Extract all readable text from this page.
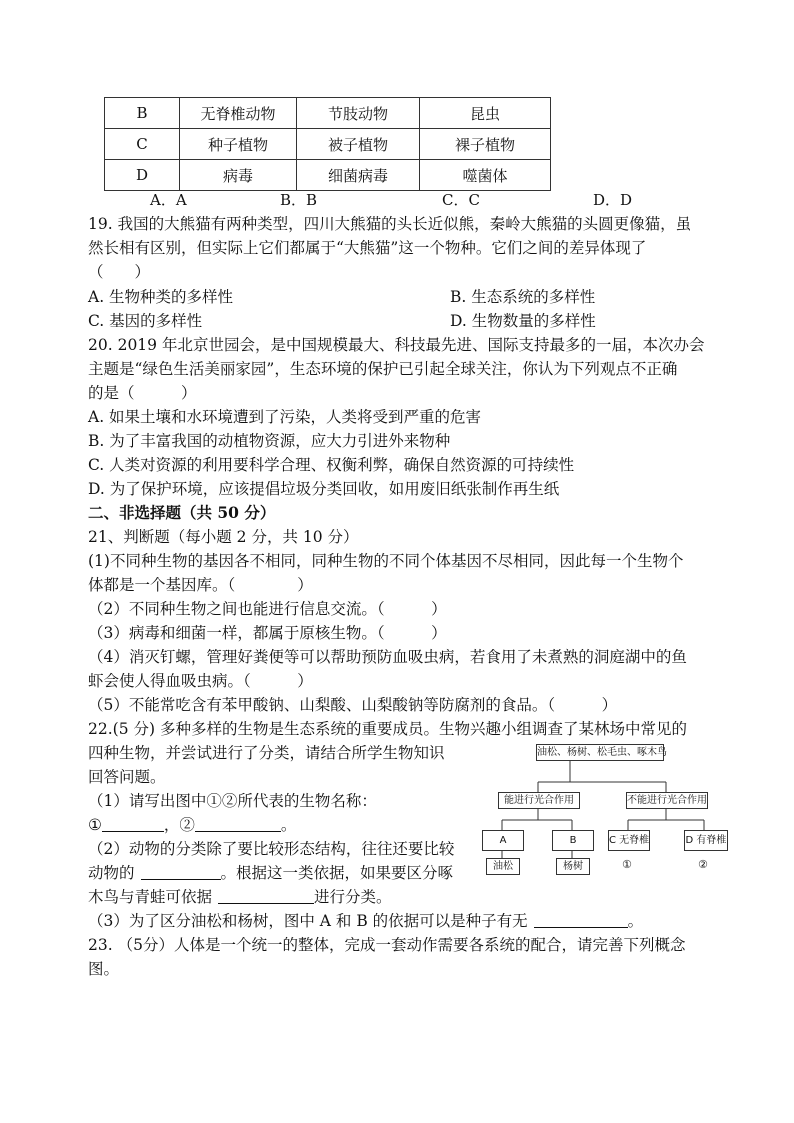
B	无脊椎动物	节肢动物	昆虫
C	种子植物	被子植物	裸子植物
D	病毒	细菌病毒	噬菌体
A．A	B．B	C．C	D．D
19. 我国的大熊猫有两种类型，四川大熊猫的头长近似熊，秦岭大熊猫的头圆更像猫，虽
然长相有区别，但实际上它们都属于“大熊猫”这一个物种。它们之间的差异体现了
（　　）
A. 生物种类的多样性	B. 生态系统的多样性
C. 基因的多样性	D. 生物数量的多样性
20. 2019 年北京世园会，是中国规模最大、科技最先进、国际支持最多的一届，本次办会
主题是“绿色生活美丽家园”，生态环境的保护已引起全球关注，你认为下列观点不正确
的是（　　　）
A. 如果土壤和水环境遭到了污染，人类将受到严重的危害
B. 为了丰富我国的动植物资源，应大力引进外来物种
C. 人类对资源的利用要科学合理、权衡利弊，确保自然资源的可持续性
D. 为了保护环境，应该提倡垃圾分类回收，如用废旧纸张制作再生纸
二、非选择题（共 50 分）
21、判断题（每小题 2 分，共 10 分）
(1)不同种生物的基因各不相同，同种生物的不同个体基因不尽相同，因此每一个生物个
体都是一个基因库。（　　　　）
（2）不同种生物之间也能进行信息交流。（　　　）
（3）病毒和细菌一样，都属于原核生物。（　　　）
（4）消灭钉螺，管理好粪便等可以帮助预防血吸虫病，若食用了未煮熟的洞庭湖中的鱼
虾会使人得血吸虫病。（　　　）
（5）不能常吃含有苯甲酸钠、山梨酸、山梨酸钠等防腐剂的食品。（　　　）
22.(5 分) 多种多样的生物是生态系统的重要成员。生物兴趣小组调查了某林场中常见的
四种生物，并尝试进行了分类，请结合所学生物知识
回答问题。
（1）请写出图中①②所代表的生物名称：
①	，②	。
（2）动物的分类除了要比较形态结构，往往还要比较
动物的	。根据这一类依据，如果要区分啄
木鸟与青蛙可依据	进行分类。
（3）为了区分油松和杨树，图中 A 和 B 的依据可以是种子有无	。
油松、杨树、松毛虫、啄木鸟
能进行光合作用	不能进行光合作用
A	B	C 无脊椎	D 有脊椎
油松	杨树	①	②
23. （5分）人体是一个统一的整体，完成一套动作需要各系统的配合，请完善下列概念
图。
